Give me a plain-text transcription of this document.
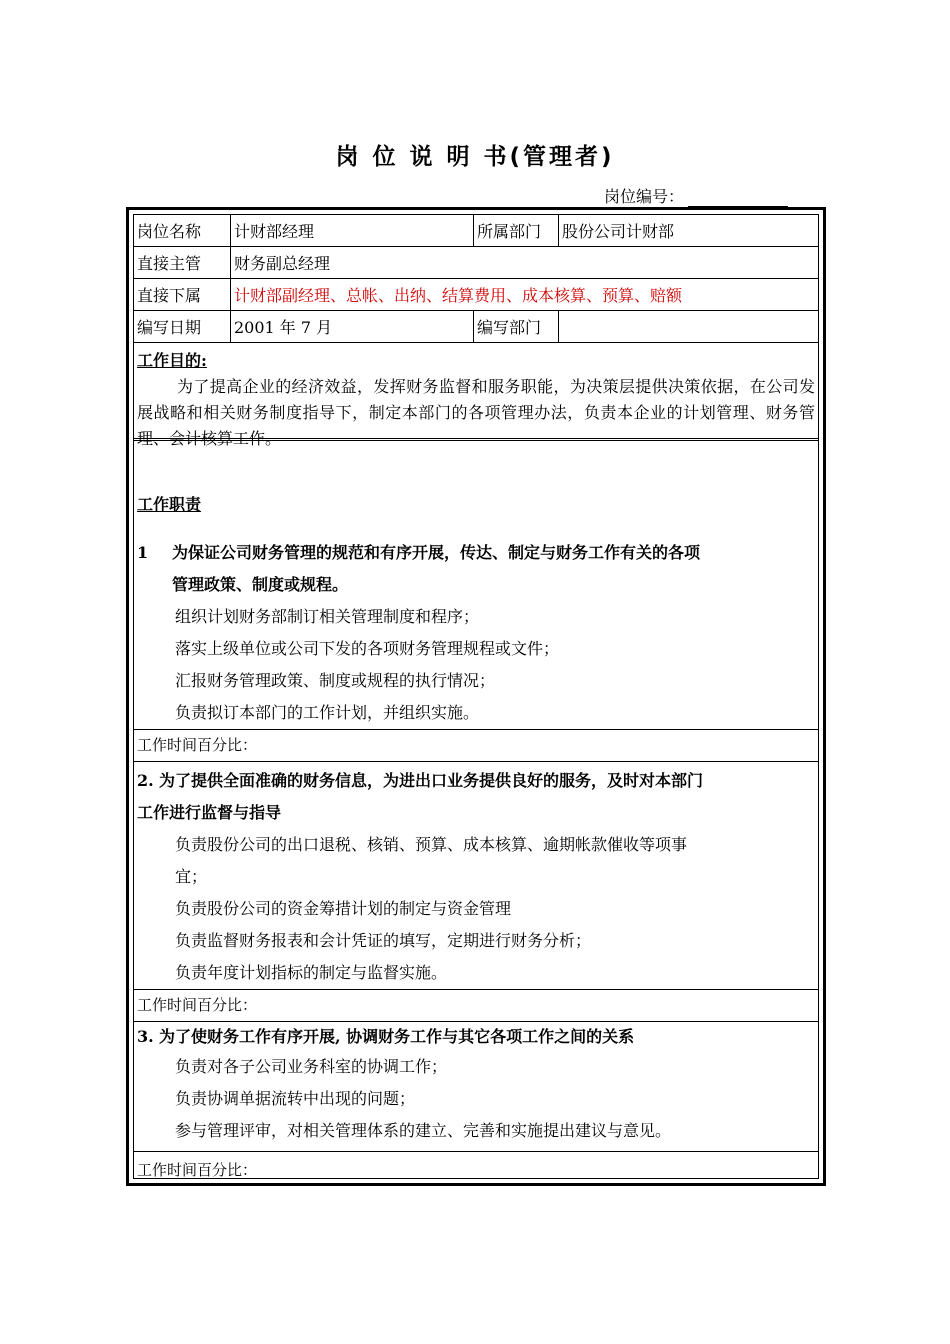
岗 位 说 明 书(管理者)
岗位编号：
岗位名称	计财部经理	所属部门	股份公司计财部
直接主管	财务副总经理		
直接下属	计财部副经理、总帐、出纳、结算费用、成本核算、预算、赔额		
编写日期	2001 年 7 月	编写部门	
工作目的:
为了提高企业的经济效益，发挥财务监督和服务职能，为决策层提供决策依据，在公司发展战略和相关财务制度指导下，制定本部门的各项管理办法，负责本企业的计划管理、财务管理、会计核算工作。
工作职责
1 为保证公司财务管理的规范和有序开展，传达、制定与财务工作有关的各项
管理政策、制度或规程。
组织计划财务部制订相关管理制度和程序；
落实上级单位或公司下发的各项财务管理规程或文件；
汇报财务管理政策、制度或规程的执行情况；
负责拟订本部门的工作计划，并组织实施。
工作时间百分比：
2. 为了提供全面准确的财务信息，为进出口业务提供良好的服务，及时对本部门
工作进行监督与指导
负责股份公司的出口退税、核销、预算、成本核算、逾期帐款催收等项事
宜；
负责股份公司的资金筹措计划的制定与资金管理
负责监督财务报表和会计凭证的填写，定期进行财务分析；
负责年度计划指标的制定与监督实施。
工作时间百分比：
3. 为了使财务工作有序开展, 协调财务工作与其它各项工作之间的关系
负责对各子公司业务科室的协调工作；
负责协调单据流转中出现的问题；
参与管理评审，对相关管理体系的建立、完善和实施提出建议与意见。
工作时间百分比：
